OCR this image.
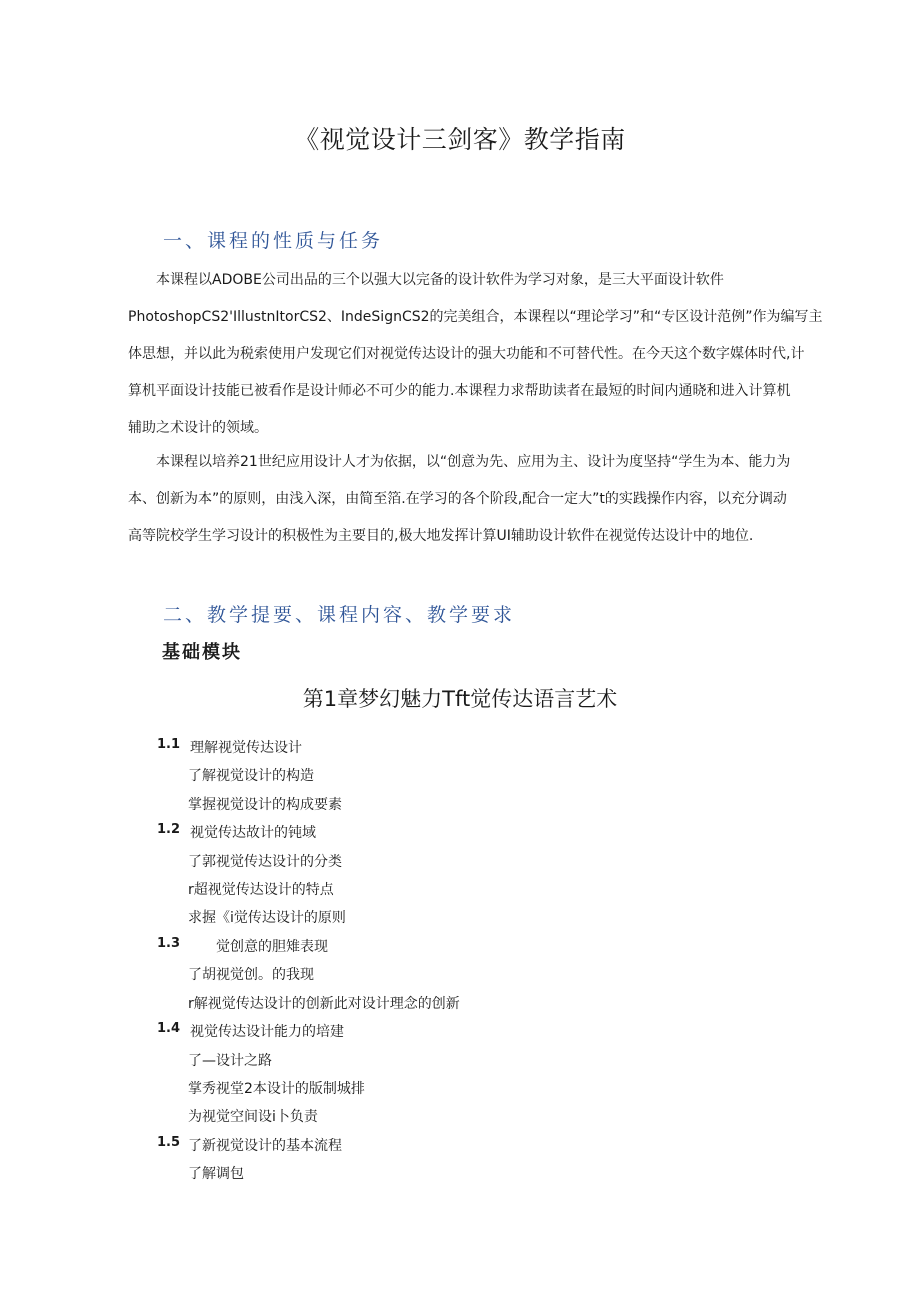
《视觉设计三剑客》教学指南
一、课程的性质与任务

本课程以ADOBE公司出品的三个以强大以完备的设计软件为学习对象，是三大平面设计软件
PhotoshopCS2'IllustnItorCS2、IndeSignCS2的完美组合，本课程以“理论学习”和“专区设计范例”作为编写主
体思想，并以此为税索使用户发现它们对视觉传达设计的强大功能和不可替代性。在今天这个数字媒体时代,计
算机平面设计技能已被看作是设计师必不可少的能力.本课程力求帮助读者在最短的时间内通晓和进入计算机
辅助之术设计的领域。

本课程以培养21世纪应用设计人才为依据，以“创意为先、应用为主、设计为度坚持“学生为本、能力为
本、创新为本”的原则，由浅入深，由简至箔.在学习的各个阶段,配合一定大”t的实践操作内容，以充分调动
高等院校学生学习设计的积极性为主要目的,极大地发挥计算UI辅助设计软件在视觉传达设计中的地位.

二、教学提要、课程内容、教学要求
基础模块
第1章梦幻魅力Tft觉传达语言艺术
1.1 理解视觉传达设计
了解视觉设计的构造
掌握视觉设计的构成要素
1.2 视觉传达故计的钝域
了郭视觉传达设计的分类
r超视觉传达设计的特点
求握《i觉传达设计的原则
1.3	觉创意的胆雉表现
了胡视觉创。的我现
r解视觉传达设计的创新此对设计理念的创新
1.4 视觉传达设计能力的培建
了—设计之路
掌秀视堂2本设计的版制城排
为视觉空间设i卜负责
1.5 了新视觉设计的基本流程
了解调包
